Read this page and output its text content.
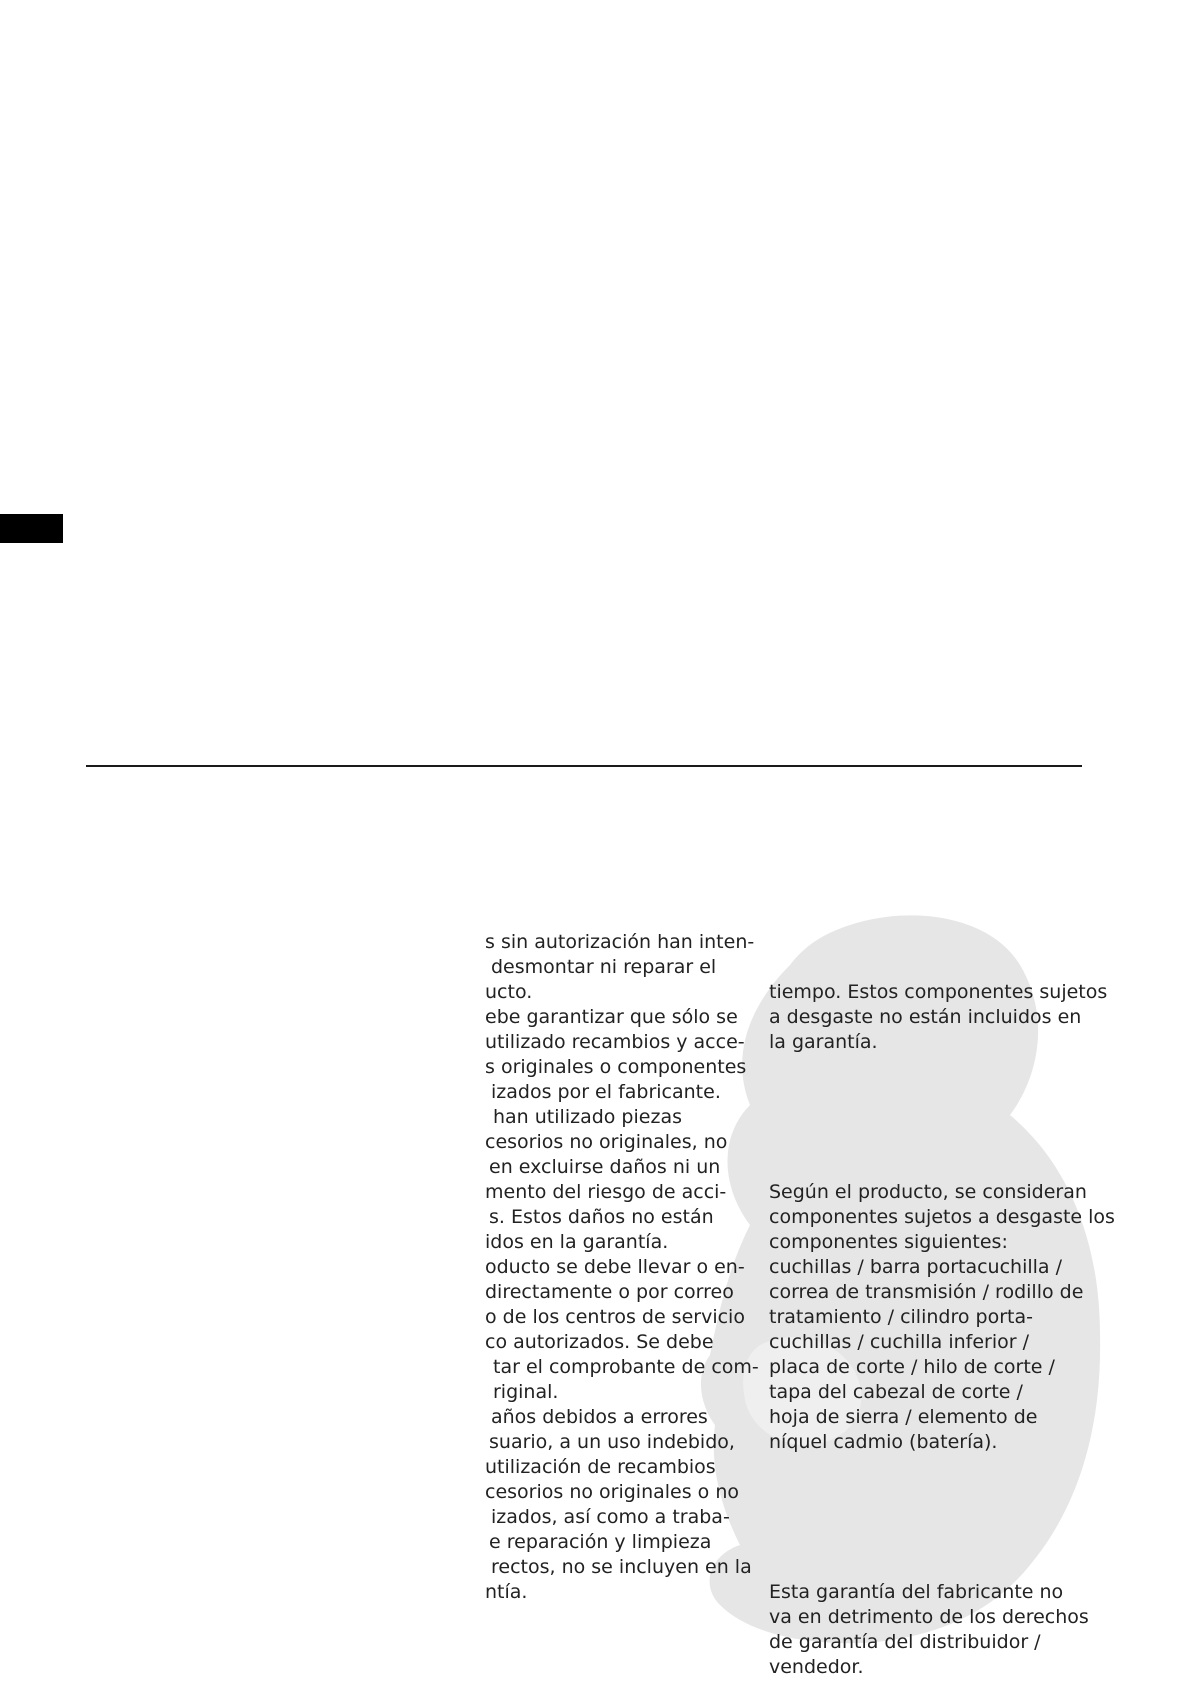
s sin autorización han inten-
desmontar ni reparar el
ucto.
ebe garantizar que sólo se
utilizado recambios y acce-
s originales o componentes
izados por el fabricante.
han utilizado piezas
cesorios no originales, no
en excluirse daños ni un
mento del riesgo de acci-
s. Estos daños no están
idos en la garantía.
oducto se debe llevar o en-
directamente o por correo
o de los centros de servicio
co autorizados. Se debe
tar el comprobante de com-
riginal.
años debidos a errores
suario, a un uso indebido,
utilización de recambios
cesorios no originales o no
izados, así como a traba-
e reparación y limpieza
rectos, no se incluyen en la
ntía.

tiempo. Estos componentes sujetos
a desgaste no están incluidos en
la garantía.

Según el producto, se consideran
componentes sujetos a desgaste los
componentes siguientes:
cuchillas / barra portacuchilla /
correa de transmisión / rodillo de
tratamiento / cilindro porta-
cuchillas / cuchilla inferior /
placa de corte / hilo de corte /
tapa del cabezal de corte /
hoja de sierra / elemento de
níquel cadmio (batería).

Esta garantía del fabricante no
va en detrimento de los derechos
de garantía del distribuidor /
vendedor.
